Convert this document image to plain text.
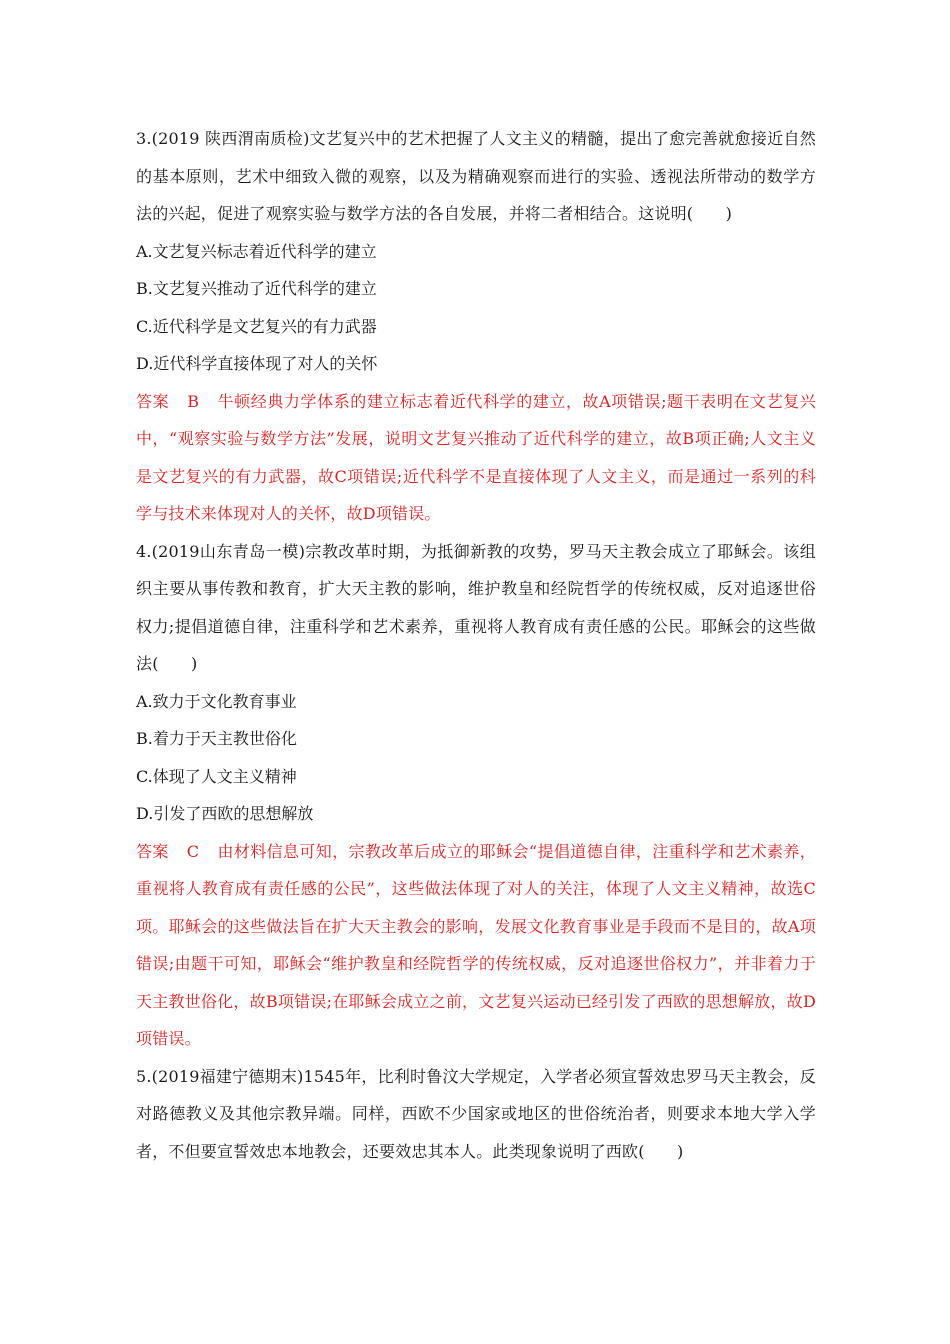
3.(2019 陕西渭南质检)文艺复兴中的艺术把握了人文主义的精髓，提出了愈完善就愈接近自然的基本原则，艺术中细致入微的观察，以及为精确观察而进行的实验、透视法所带动的数学方法的兴起，促进了观察实验与数学方法的各自发展，并将二者相结合。这说明(　　)

A.文艺复兴标志着近代科学的建立

B.文艺复兴推动了近代科学的建立

C.近代科学是文艺复兴的有力武器

D.近代科学直接体现了对人的关怀

答案 B 牛顿经典力学体系的建立标志着近代科学的建立，故A项错误;题干表明在文艺复兴中，“观察实验与数学方法”发展，说明文艺复兴推动了近代科学的建立，故B项正确;人文主义是文艺复兴的有力武器，故C项错误;近代科学不是直接体现了人文主义，而是通过一系列的科学与技术来体现对人的关怀，故D项错误。

4.(2019山东青岛一模)宗教改革时期，为抵御新教的攻势，罗马天主教会成立了耶稣会。该组织主要从事传教和教育，扩大天主教的影响，维护教皇和经院哲学的传统权威，反对追逐世俗权力;提倡道德自律，注重科学和艺术素养，重视将人教育成有责任感的公民。耶稣会的这些做法(　　)

A.致力于文化教育事业

B.着力于天主教世俗化

C.体现了人文主义精神

D.引发了西欧的思想解放

答案 C 由材料信息可知，宗教改革后成立的耶稣会“提倡道德自律，注重科学和艺术素养，重视将人教育成有责任感的公民”，这些做法体现了对人的关注，体现了人文主义精神，故选C项。耶稣会的这些做法旨在扩大天主教会的影响，发展文化教育事业是手段而不是目的，故A项错误;由题干可知，耶稣会“维护教皇和经院哲学的传统权威，反对追逐世俗权力”，并非着力于天主教世俗化，故B项错误;在耶稣会成立之前，文艺复兴运动已经引发了西欧的思想解放，故D项错误。

5.(2019福建宁德期末)1545年，比利时鲁汶大学规定，入学者必须宣誓效忠罗马天主教会，反对路德教义及其他宗教异端。同样，西欧不少国家或地区的世俗统治者，则要求本地大学入学者，不但要宣誓效忠本地教会，还要效忠其本人。此类现象说明了西欧(　　)
